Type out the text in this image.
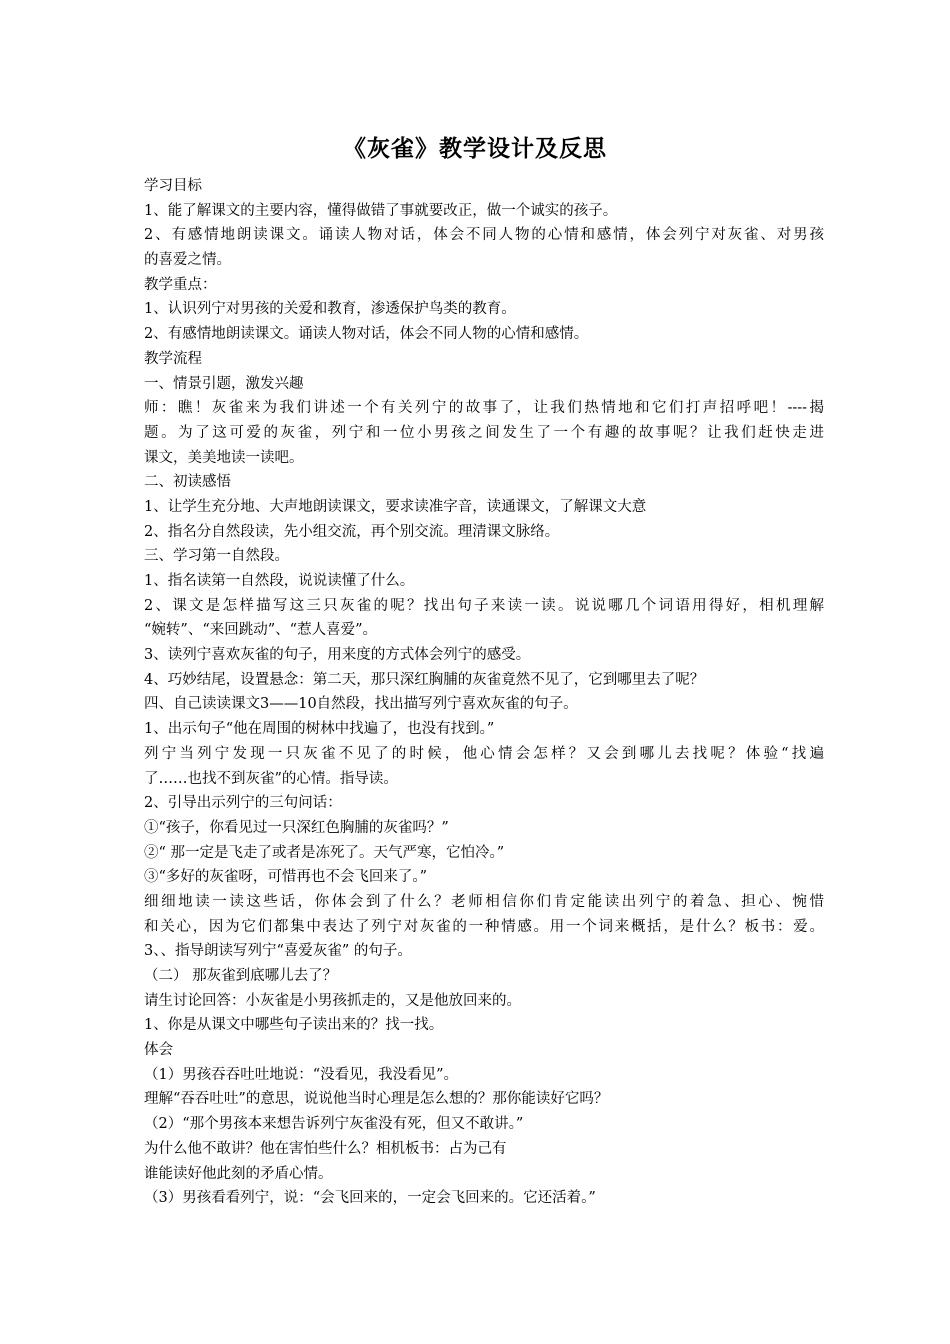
《灰雀》教学设计及反思
学习目标
1、能了解课文的主要内容，懂得做错了事就要改正，做一个诚实的孩子。
2、有感情地朗读课文。诵读人物对话，体会不同人物的心情和感情，体会列宁对灰雀、对男孩
的喜爱之情。
教学重点：
1、认识列宁对男孩的关爱和教育，渗透保护鸟类的教育。
2、有感情地朗读课文。诵读人物对话，体会不同人物的心情和感情。
教学流程
一、情景引题，激发兴趣
师：瞧！灰雀来为我们讲述一个有关列宁的故事了，让我们热情地和它们打声招呼吧！----揭
题。为了这可爱的灰雀，列宁和一位小男孩之间发生了一个有趣的故事呢？让我们赶快走进
课文，美美地读一读吧。
二、初读感悟
1、让学生充分地、大声地朗读课文，要求读准字音，读通课文，了解课文大意
2、指名分自然段读，先小组交流，再个别交流。理清课文脉络。
三、学习第一自然段。
1、指名读第一自然段，说说读懂了什么。
2、课文是怎样描写这三只灰雀的呢？找出句子来读一读。说说哪几个词语用得好，相机理解
“婉转”、“来回跳动”、“惹人喜爱”。
3、读列宁喜欢灰雀的句子，用来度的方式体会列宁的感受。
4、巧妙结尾，设置悬念：第二天，那只深红胸脯的灰雀竟然不见了，它到哪里去了呢？
四、自己读读课文3——10自然段，找出描写列宁喜欢灰雀的句子。
1、出示句子“他在周围的树林中找遍了，也没有找到。”
列宁当列宁发现一只灰雀不见了的时候，他心情会怎样？又会到哪儿去找呢？体验“找遍
了……也找不到灰雀”的心情。指导读。
2、引导出示列宁的三句问话：
①“孩子，你看见过一只深红色胸脯的灰雀吗？”
②“ 那一定是飞走了或者是冻死了。天气严寒，它怕冷。”
③“多好的灰雀呀，可惜再也不会飞回来了。”
细细地读一读这些话，你体会到了什么？老师相信你们肯定能读出列宁的着急、担心、惋惜
和关心，因为它们都集中表达了列宁对灰雀的一种情感。用一个词来概括，是什么？板书：爱。
3、、指导朗读写列宁“喜爱灰雀” 的句子。
（二） 那灰雀到底哪儿去了？
请生讨论回答：小灰雀是小男孩抓走的，又是他放回来的。
1、你是从课文中哪些句子读出来的？找一找。
体会
（1）男孩吞吞吐吐地说：“没看见，我没看见”。
理解“吞吞吐吐”的意思，说说他当时心理是怎么想的？那你能读好它吗？
（2）“那个男孩本来想告诉列宁灰雀没有死，但又不敢讲。”
为什么他不敢讲？他在害怕些什么？相机板书：占为己有
谁能读好他此刻的矛盾心情。
（3）男孩看看列宁，说：“会飞回来的，一定会飞回来的。它还活着。”
